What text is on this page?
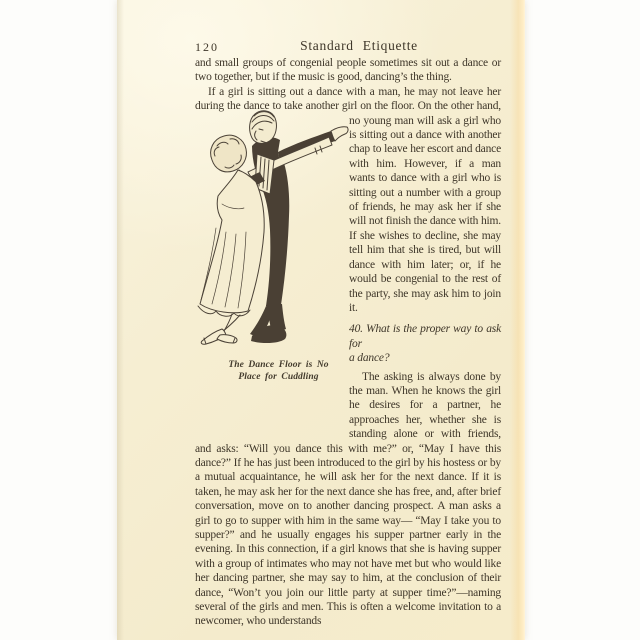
120	Standard Etiquette

and small groups of congenial people sometimes sit out a dance or two together, but if the music is good, dancing’s the thing.

If a girl is sitting out a dance with a man, he may not leave her during the dance to take another girl on the
The Dance Floor is No
Place for Cuddling
floor. On the other hand, no young man will ask a girl who is sitting out a dance with another chap to leave her escort and dance with him. However, if a man wants to dance with a girl who is sitting out a number with a group of friends, he may ask her if she will not finish the dance with him. If she wishes to decline, she may tell him that she is tired, but will dance with him later; or, if he would be congenial to the rest of the party, she may ask him to join it.

40. What is the proper way to ask for
a dance?

The asking is always done by the man. When he knows the girl he desires for a partner, he approaches her, whether she is standing alone or with friends, and asks: “Will you dance this with me?” or, “May I have this dance?” If he has just been introduced to the girl by his hostess or by a mutual acquaintance, he will ask her for the next dance. If it is taken, he may ask her for the next dance she has free, and, after brief conversation, move on to another dancing prospect. A man asks a girl to go to supper with him in the same way— “May I take you to supper?” and he usually engages his supper partner early in the evening. In this connection, if a girl knows that she is having supper with a group of intimates who may not have met but who would like her dancing partner, she may say to him, at the conclusion of their dance, “Won’t you join our little party at supper time?”—naming several of the girls and men. This is often a welcome invitation to a newcomer, who understands
